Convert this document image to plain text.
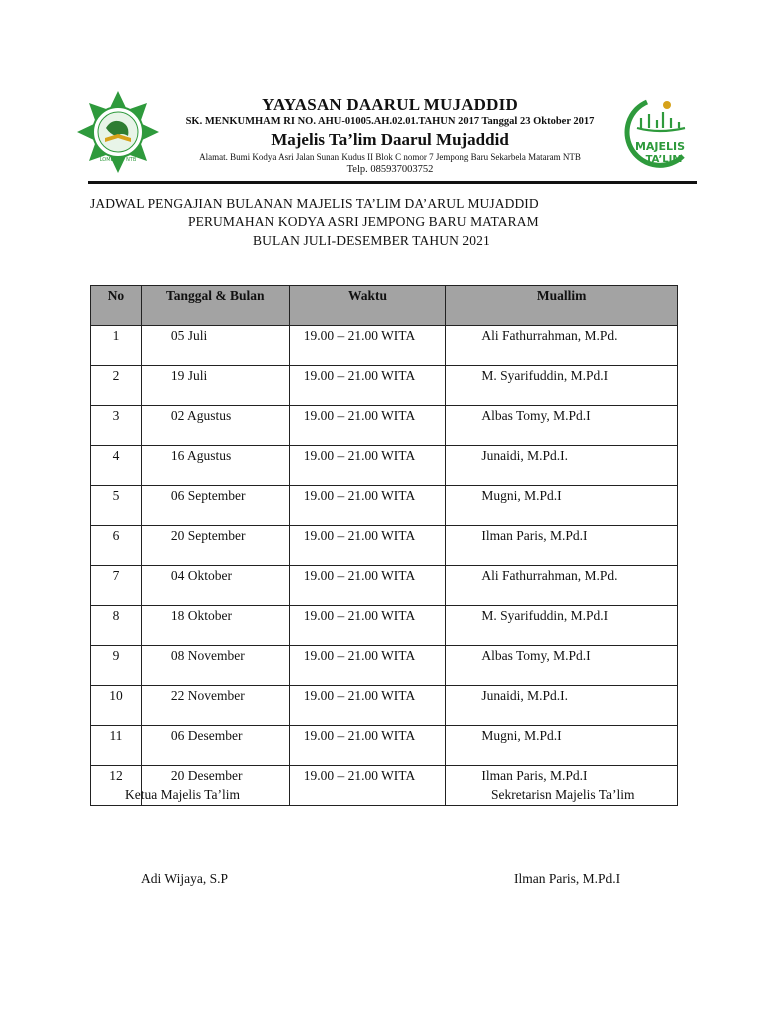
LOMBOK - NTB
MAJELIS
TA’LIM
YAYASAN DAARUL MUJADDID
SK. MENKUMHAM RI NO. AHU-01005.AH.02.01.TAHUN 2017 Tanggal 23 Oktober 2017
Majelis Ta’lim Daarul Mujaddid
Alamat. Bumi Kodya Asri Jalan Sunan Kudus II Blok C nomor 7 Jempong Baru Sekarbela Mataram NTB
Telp. 085937003752
JADWAL PENGAJIAN BULANAN MAJELIS TA’LIM DA’ARUL MUJADDID
PERUMAHAN KODYA ASRI JEMPONG BARU MATARAM
BULAN JULI-DESEMBER TAHUN 2021
No	Tanggal & Bulan	Waktu	Muallim
1	05 Juli	19.00 – 21.00 WITA	Ali Fathurrahman, M.Pd.
2	19 Juli	19.00 – 21.00 WITA	M. Syarifuddin, M.Pd.I
3	02 Agustus	19.00 – 21.00 WITA	Albas Tomy, M.Pd.I
4	16 Agustus	19.00 – 21.00 WITA	Junaidi, M.Pd.I.
5	06 September	19.00 – 21.00 WITA	Mugni, M.Pd.I
6	20 September	19.00 – 21.00 WITA	Ilman Paris, M.Pd.I
7	04 Oktober	19.00 – 21.00 WITA	Ali Fathurrahman, M.Pd.
8	18 Oktober	19.00 – 21.00 WITA	M. Syarifuddin, M.Pd.I
9	08 November	19.00 – 21.00 WITA	Albas Tomy, M.Pd.I
10	22 November	19.00 – 21.00 WITA	Junaidi, M.Pd.I.
11	06 Desember	19.00 – 21.00 WITA	Mugni, M.Pd.I
12	20 Desember	19.00 – 21.00 WITA	Ilman Paris, M.Pd.I
Ketua Majelis Ta’lim	Sekretarisn Majelis Ta’lim
Adi Wijaya, S.P	Ilman Paris, M.Pd.I
